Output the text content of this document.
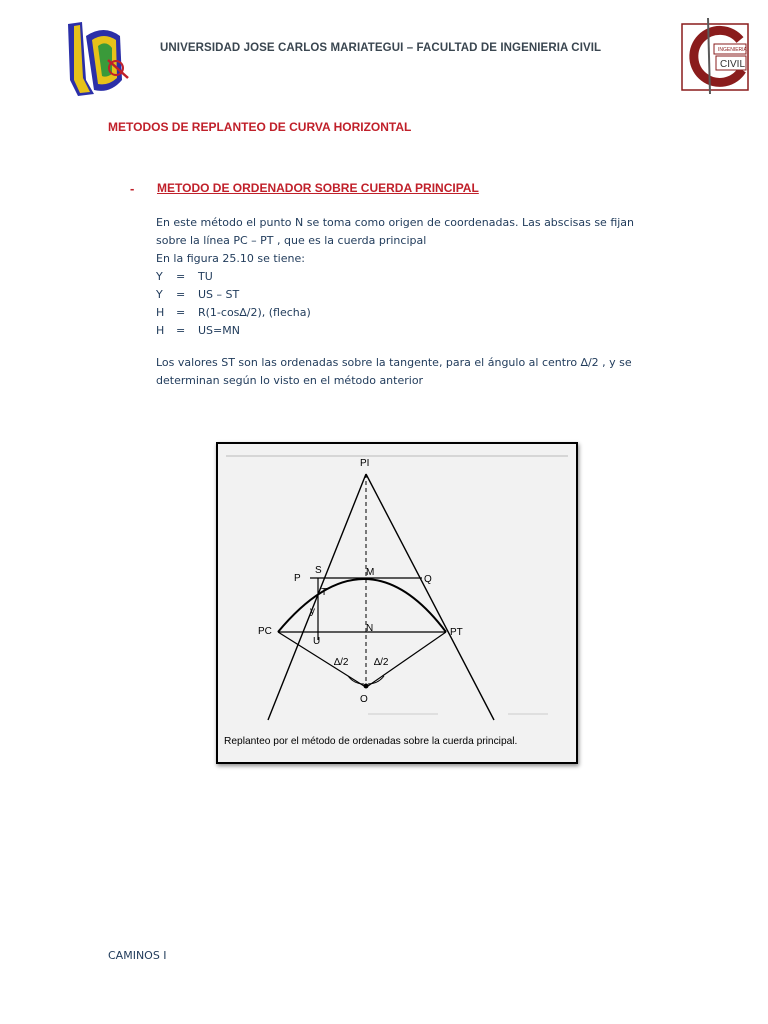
UNIVERSIDAD JOSE CARLOS MARIATEGUI – FACULTAD DE INGENIERIA CIVIL	INGENIERIA
CIVIL
METODOS DE REPLANTEO DE CURVA HORIZONTAL
- METODO DE ORDENADOR SOBRE CUERDA PRINCIPAL
En este método el punto N se toma como origen de coordenadas. Las abscisas se fijan
sobre la línea PC – PT , que es la cuerda principal
En la figura 25.10 se tiene:
Y = TU
Y = US – ST
H = R(1-cos∆/2), (flecha)
H = US=MN
Los valores ST son las ordenadas sobre la tangente, para el ángulo al centro ∆/2 , y se
determinan según lo visto en el método anterior
PI
P
S	M
Q
T
y
PC
U
N	PT
∆/2	∆/2
O
Replanteo por el método de ordenadas sobre la cuerda principal.
CAMINOS I
